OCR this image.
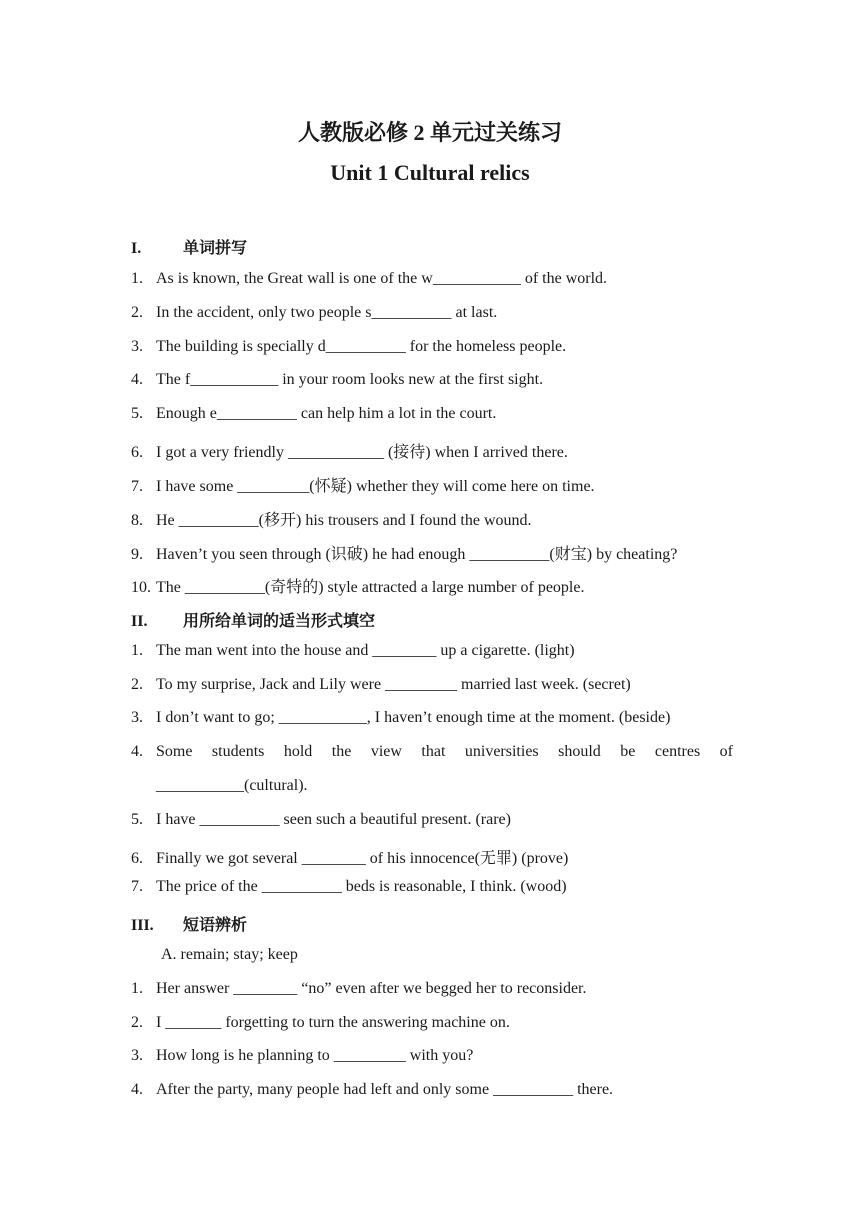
人教版必修 2 单元过关练习
Unit 1 Cultural relics
I.	单词拼写
1. As is known, the Great wall is one of the w___________ of the world.
2. In the accident, only two people s__________ at last.
3. The building is specially d__________ for the homeless people.
4. The f___________ in your room looks new at the first sight.
5. Enough e__________ can help him a lot in the court.
6. I got a very friendly ____________ (接待) when I arrived there.
7. I have some _________(怀疑) whether they will come here on time.
8. He __________(移开) his trousers and I found the wound.
9. Haven’t you seen through (识破) he had enough __________(财宝) by cheating?
10. The __________(奇特的) style attracted a large number of people.
II. 用所给单词的适当形式填空
1. The man went into the house and ________ up a cigarette. (light)
2. To my surprise, Jack and Lily were _________ married last week. (secret)
3. I don’t want to go; ___________, I haven’t enough time at the moment. (beside)
4. Some students hold the view that universities should be centres of
___________(cultural).
5. I have __________ seen such a beautiful present. (rare)
6. Finally we got several ________ of his innocence(无罪) (prove)
7. The price of the __________ beds is reasonable, I think. (wood)
III. 短语辨析
A. remain; stay; keep
1. Her answer ________ “no” even after we begged her to reconsider.
2. I _______ forgetting to turn the answering machine on.
3. How long is he planning to _________ with you?
4. After the party, many people had left and only some __________ there.
